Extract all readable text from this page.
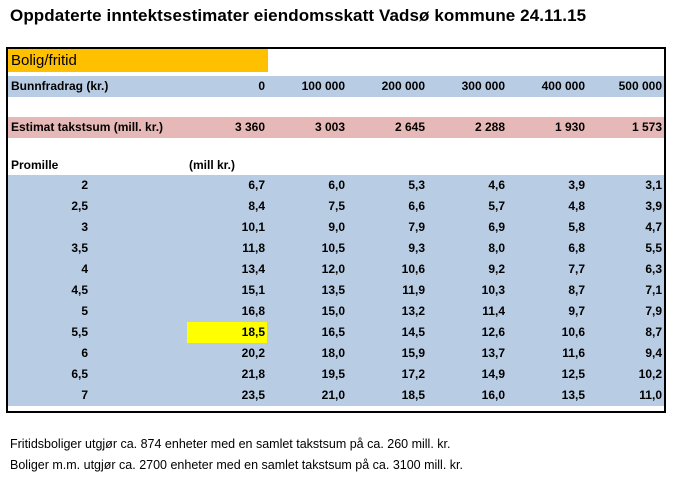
Oppdaterte inntektsestimater eiendomsskatt Vadsø kommune 24.11.15
Bolig/fritid
Bunnfradrag (kr.)	0	100 000	200 000	300 000	400 000	500 000
Estimat takstsum (mill. kr.)	3 360	3 003	2 645	2 288	1 930	1 573
Promille	(mill kr.)
2	6,7	6,0	5,3	4,6	3,9	3,1
2,5	8,4	7,5	6,6	5,7	4,8	3,9
3	10,1	9,0	7,9	6,9	5,8	4,7
3,5	11,8	10,5	9,3	8,0	6,8	5,5
4	13,4	12,0	10,6	9,2	7,7	6,3
4,5	15,1	13,5	11,9	10,3	8,7	7,1
5	16,8	15,0	13,2	11,4	9,7	7,9
5,5	18,5	16,5	14,5	12,6	10,6	8,7
6	20,2	18,0	15,9	13,7	11,6	9,4
6,5	21,8	19,5	17,2	14,9	12,5	10,2
7	23,5	21,0	18,5	16,0	13,5	11,0
Fritidsboliger utgjør ca. 874 enheter med en samlet takstsum på ca. 260 mill. kr.
Boliger m.m. utgjør ca. 2700 enheter med en samlet takstsum på ca. 3100 mill. kr.
